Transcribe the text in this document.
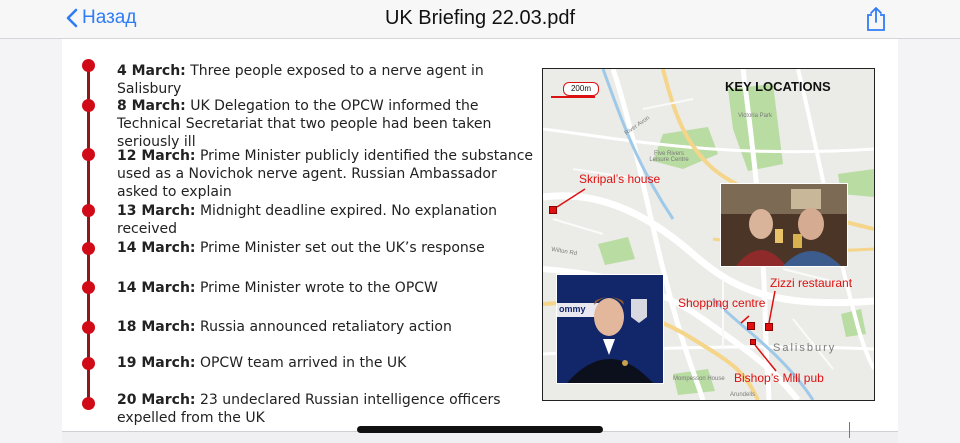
Назад	UK Briefing 22.03.pdf
4 March: Three people exposed to a nerve agent in Salisbury
8 March: UK Delegation to the OPCW informed the Technical Secretariat that two people had been taken seriously ill
12 March: Prime Minister publicly identified the substance used as a Novichok nerve agent. Russian Ambassador asked to explain
13 March: Midnight deadline expired. No explanation received
14 March: Prime Minister set out the UK’s response
14 March: Prime Minister wrote to the OPCW
18 March: Russia announced retaliatory action
19 March: OPCW team arrived in the UK
20 March: 23 undeclared Russian intelligence officers expelled from the UK
KEY LOCATIONS
200m
River Avon
Five Rivers Leisure Centre
Victoria Park
Wilton Rd
Salisbury
Mompesson House
Arundells
Skripal’s house
Zizzi restaurant
Shopping centre
Bishop’s Mill pub
ommy
